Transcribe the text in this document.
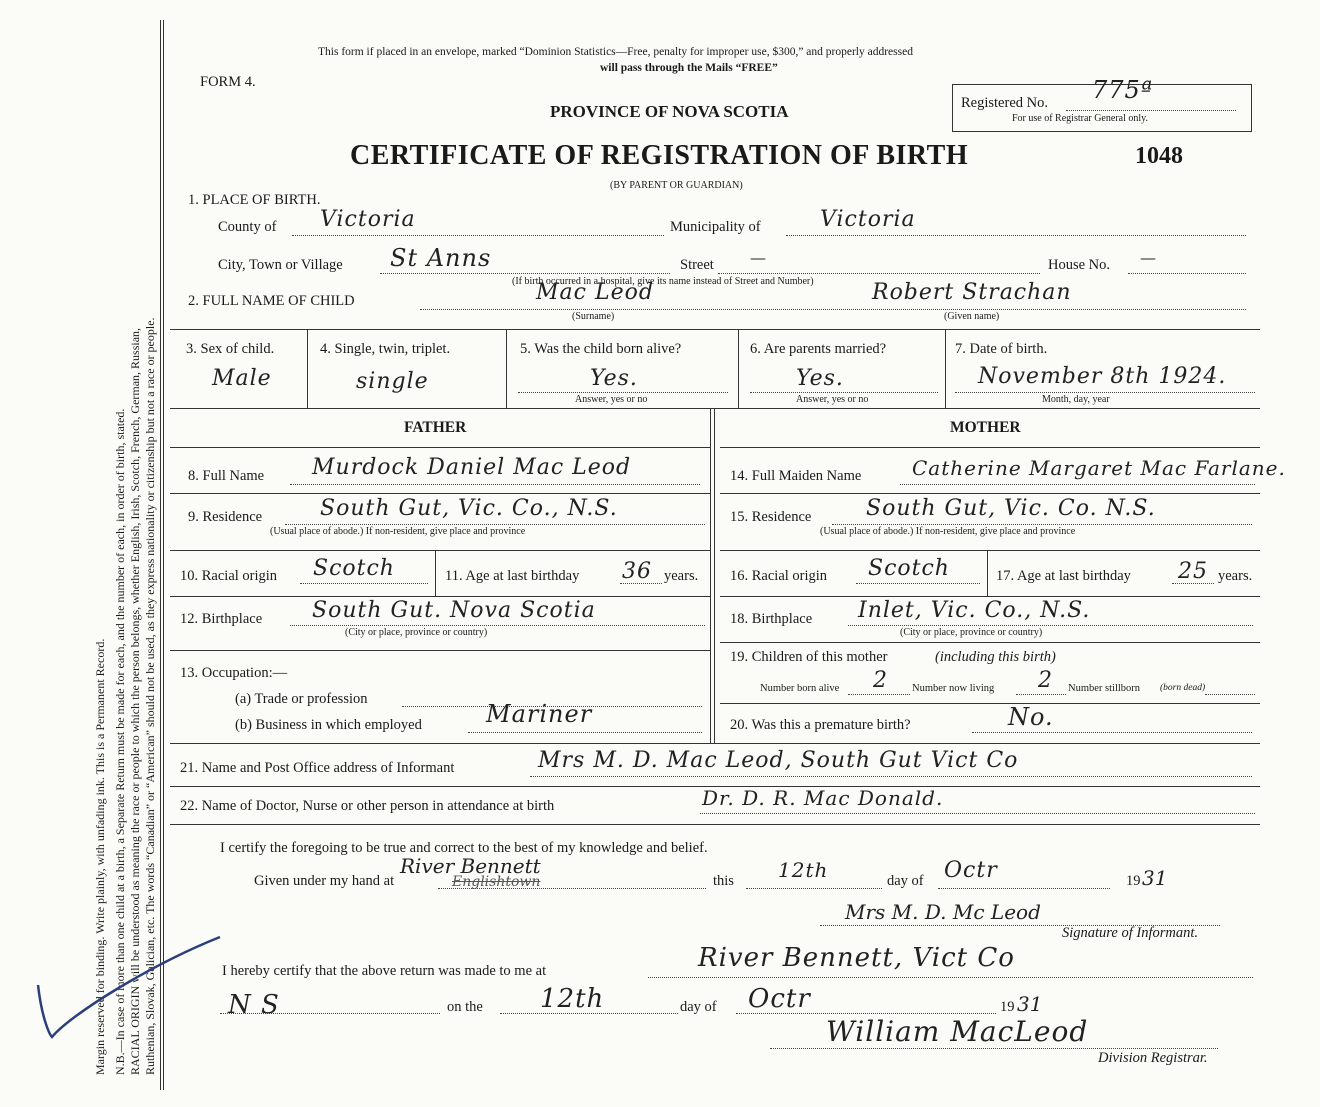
Margin reserved for binding. Write plainly, with unfading ink. This is a Permanent Record. N.B.—In case of more than one child at a birth, a Separate Return must be made for each, and the number of each, in order of birth, stated. RACIAL ORIGIN will be understood as meaning the race or people to which the person belongs, whether English, Irish, Scotch, French, German, Russian, Ruthenian, Slovak, Galician, etc. The words “Canadian” or “American” should not be used, as they express nationality or citizenship but not a race or people.
This form if placed in an envelope, marked “Dominion Statistics—Free, penalty for improper use, $300,” and properly addressed
will pass through the Mails “FREE”
FORM 4.
PROVINCE OF NOVA SCOTIA
CERTIFICATE OF REGISTRATION OF BIRTH	1048
(BY PARENT OR GUARDIAN)
Registered No. 775ª
For use of Registrar General only.
1. PLACE OF BIRTH.
County of Victoria	Municipality of	Victoria
City, Town or Village St Anns	Street —	House No. —
(If birth occurred in a hospital, give its name instead of Street and Number)
2. FULL NAME OF CHILD	Mac Leod
(Surname)
Robert Strachan
(Given name)
3. Sex of child.
Male
4. Single, twin, triplet.
single
5. Was the child born alive?
Yes.
Answer, yes or no
6. Are parents married?
Yes.
Answer, yes or no
7. Date of birth.
November 8th 1924.
Month, day, year
FATHER	MOTHER
8. Full Name Murdock Daniel Mac Leod
9. Residence	South Gut, Vic. Co., N.S.
(Usual place of abode.) If non-resident, give place and province
10. Racial origin Scotch	11. Age at last birthday 36 years.
12. Birthplace South Gut. Nova Scotia
(City or place, province or country)
13. Occupation:—
(a) Trade or profession
(b) Business in which employed	Mariner
14. Full Maiden Name	Catherine Margaret Mac Farlane.
15. Residence South Gut, Vic. Co. N.S.
(Usual place of abode.) If non-resident, give place and province
16. Racial origin Scotch	17. Age at last birthday 25 years.
18. Birthplace Inlet, Vic. Co., N.S.
(City or place, province or country)
19. Children of this mother	(including this birth)
Number born alive 2 Number now living 2 Number stillborn (born dead)
20. Was this a premature birth?	No.
21. Name and Post Office address of Informant	Mrs M. D. Mac Leod, South Gut Vict Co
22. Name of Doctor, Nurse or other person in attendance at birth	Dr. D. R. Mac Donald.
I certify the foregoing to be true and correct to the best of my knowledge and belief.
Given under my hand at
River Bennett
Englishtown	this 12th	day of Octr	19 31
Mrs M. D. Mc Leod
Signature of Informant.
I hereby certify that the above return was made to me at	River Bennett, Vict Co
N S	on the 12th	day of Octr	19 31
William MacLeod
Division Registrar.
